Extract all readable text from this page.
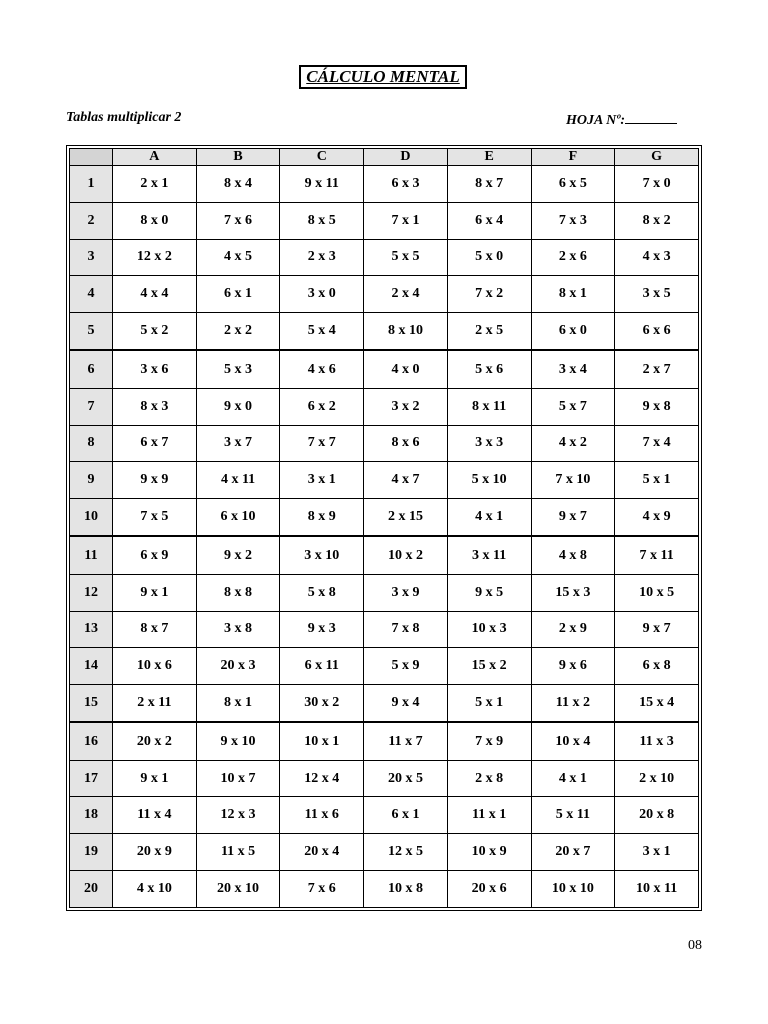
CÁLCULO MENTAL
Tablas multiplicar 2	HOJA Nº:
	A	B	C	D	E	F	G
1	2 x 1	8 x 4	9 x 11	6 x 3	8 x 7	6 x 5	7 x 0
2	8 x 0	7 x 6	8 x 5	7 x 1	6 x 4	7 x 3	8 x 2
3	12 x 2	4 x 5	2 x 3	5 x 5	5 x 0	2 x 6	4 x 3
4	4 x 4	6 x 1	3 x 0	2 x 4	7 x 2	8 x 1	3 x 5
5	5 x 2	2 x 2	5 x 4	8 x 10	2 x 5	6 x 0	6 x 6
6	3 x 6	5 x 3	4 x 6	4 x 0	5 x 6	3 x 4	2 x 7
7	8 x 3	9 x 0	6 x 2	3 x 2	8 x 11	5 x 7	9 x 8
8	6 x 7	3 x 7	7 x 7	8 x 6	3 x 3	4 x 2	7 x 4
9	9 x 9	4 x 11	3 x 1	4 x 7	5 x 10	7 x 10	5 x 1
10	7 x 5	6 x 10	8 x 9	2 x 15	4 x 1	9 x 7	4 x 9
11	6 x 9	9 x 2	3 x 10	10 x 2	3 x 11	4 x 8	7 x 11
12	9 x 1	8 x 8	5 x 8	3 x 9	9 x 5	15 x 3	10 x 5
13	8 x 7	3 x 8	9 x 3	7 x 8	10 x 3	2 x 9	9 x 7
14	10 x 6	20 x 3	6 x 11	5 x 9	15 x 2	9 x 6	6 x 8
15	2 x 11	8 x 1	30 x 2	9 x 4	5 x 1	11 x 2	15 x 4
16	20 x 2	9 x 10	10 x 1	11 x 7	7 x 9	10 x 4	11 x 3
17	9 x 1	10 x 7	12 x 4	20 x 5	2 x 8	4 x 1	2 x 10
18	11 x 4	12 x 3	11 x 6	6 x 1	11 x 1	5 x 11	20 x 8
19	20 x 9	11 x 5	20 x 4	12 x 5	10 x 9	20 x 7	3 x 1
20	4 x 10	20 x 10	7 x 6	10 x 8	20 x 6	10 x 10	10 x 11
08
